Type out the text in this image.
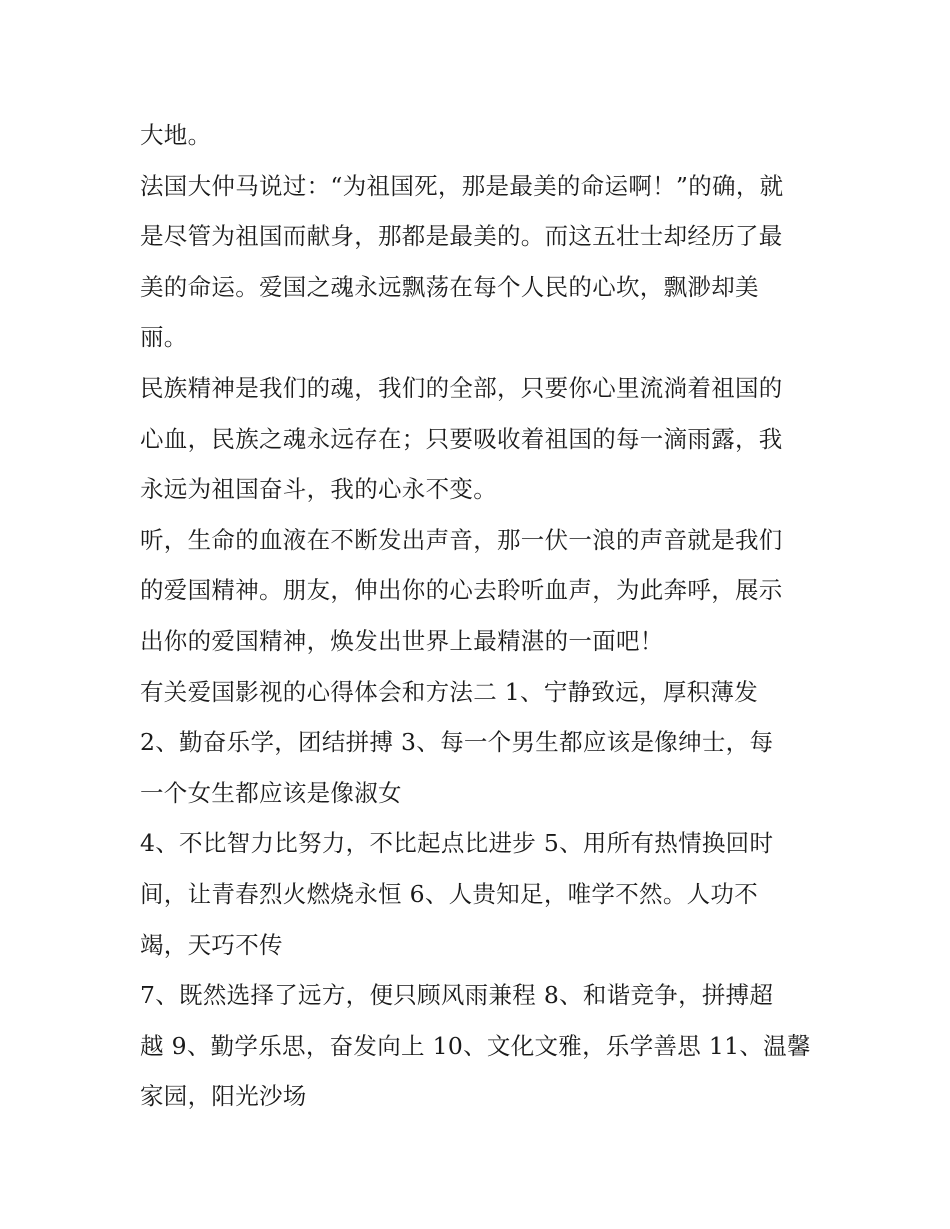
大地。
法国大仲马说过：“为祖国死，那是最美的命运啊！”的确，就
是尽管为祖国而献身，那都是最美的。而这五壮士却经历了最
美的命运。爱国之魂永远飘荡在每个人民的心坎，飘渺却美
丽。
民族精神是我们的魂，我们的全部，只要你心里流淌着祖国的
心血，民族之魂永远存在；只要吸收着祖国的每一滴雨露，我
永远为祖国奋斗，我的心永不变。
听，生命的血液在不断发出声音，那一伏一浪的声音就是我们
的爱国精神。朋友，伸出你的心去聆听血声，为此奔呼，展示
出你的爱国精神，焕发出世界上最精湛的一面吧！
有关爱国影视的心得体会和方法二 1、宁静致远，厚积薄发
2、勤奋乐学，团结拼搏 3、每一个男生都应该是像绅士，每
一个女生都应该是像淑女
4、不比智力比努力，不比起点比进步 5、用所有热情换回时
间，让青春烈火燃烧永恒 6、人贵知足，唯学不然。人功不
竭，天巧不传
7、既然选择了远方，便只顾风雨兼程 8、和谐竞争，拼搏超
越 9、勤学乐思，奋发向上 10、文化文雅，乐学善思 11、温馨
家园，阳光沙场
